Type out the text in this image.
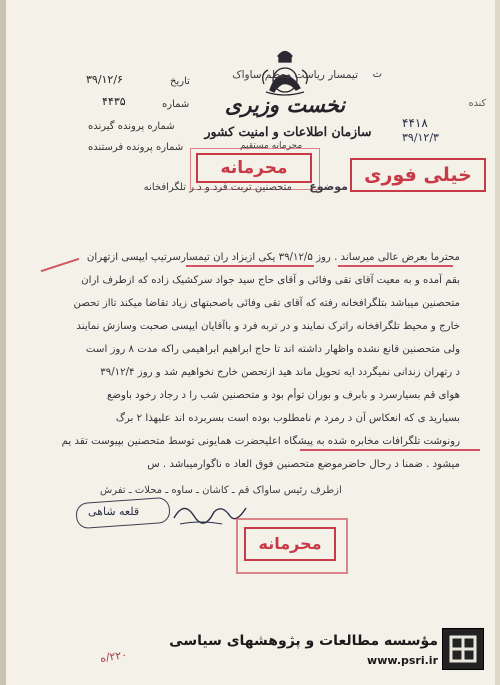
تاریخ
۳۹/۱۲/۶
شماره
۴۴۳۵
شماره پرونده گیرنده
شماره پرونده فرستنده
نخست وزیری
سازمان اطلاعات و امنیت کشور
تیمسار ریاست معظم ساواک ت
کنده
۴۴۱۸
۳۹/۱۲/۳
محرمانه	خیلی فوری
محرمانه مستقیم
موضوع
متحصنین تربت فرد و د ر تلگرافخانه
محترما بعرض عالی میرساند . روز ۳۹/۱۲/۵ یکی ازبزاد ران تیمسارسرتیپ ایپسی ازتهران
بقم آمده و به معیت آقای تقی وفائی و آقای حاج سید جواد سرکشیک زاده که ازطرف اران
متحصنین میباشد بتلگرافخانه رفته که آقای تقی وفائی باصحبتهای زیاد تقاضا میکند تااز تحصن
خارج و محیط تلگرافخانه راترک نمایند و در تربه فرد و باآقایان ایپسی صحبت وسازش نمایند
ولی متحصنین قانع نشده واظهار داشته اند تا حاج ابراهیم ابراهیمی راکه مدت ۸ روز است
د رتهران زندانی نمیگردد ایه تحویل ماند هید ازتحصن خارج نخواهیم شد و روز ۳۹/۱۲/۴
هوای قم بسیارسرد و بابرف و بوران توأم بود و متحصنین شب را د رجاد رخود باوضع
بسیارید ی که انعکاس آن د رمرد م نامطلوب بوده است بسربرده اند علیهذا ۲ برگ
رونوشت تلگرافات مخابره شده به پیشگاه اعلیحضرت همایونی توسط متحصنین بپیوست تقد یم
میشود . ضمنا د رحال حاضرموضع متحصنین فوق العاد ه ناگوارمیباشد . س
ازطرف رئیس ساواک قم ـ کاشان ـ ساوه ـ محلات ـ تفرش
قلعه شاهی
محرمانه
۲۲۰/ه
مؤسسه مطالعات و پژوهشهای سیاسی
www.psri.ir
